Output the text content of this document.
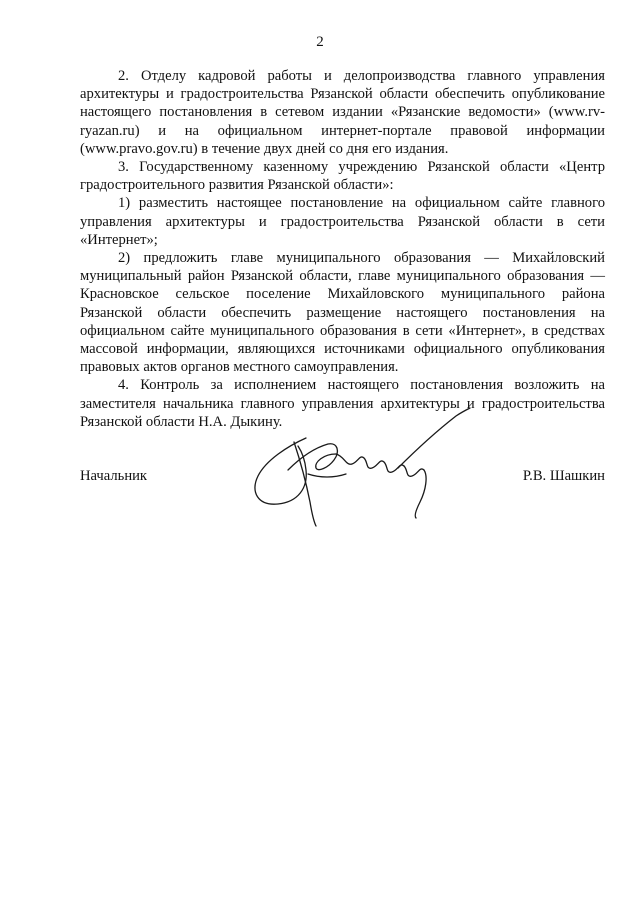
2

2. Отделу кадровой работы и делопроизводства главного управления архитектуры и градостроительства Рязанской области обеспечить опубликование настоящего постановления в сетевом издании «Рязанские ведомости» (www.rv-ryazan.ru) и на официальном интернет-портале правовой информации (www.pravo.gov.ru) в течение двух дней со дня его издания.

3. Государственному казенному учреждению Рязанской области «Центр градостроительного развития Рязанской области»:

1) разместить настоящее постановление на официальном сайте главного управления архитектуры и градостроительства Рязанской области в сети «Интернет»;

2) предложить главе муниципального образования — Михайловский муниципальный район Рязанской области, главе муниципального образования — Красновское сельское поселение Михайловского муниципального района Рязанской области обеспечить размещение настоящего постановления на официальном сайте муниципального образования в сети «Интернет», в средствах массовой информации, являющихся источниками официального опубликования правовых актов органов местного самоуправления.

4. Контроль за исполнением настоящего постановления возложить на заместителя начальника главного управления архитектуры и градостроительства Рязанской области Н.А. Дыкину.

Начальник	Р.В. Шашкин
